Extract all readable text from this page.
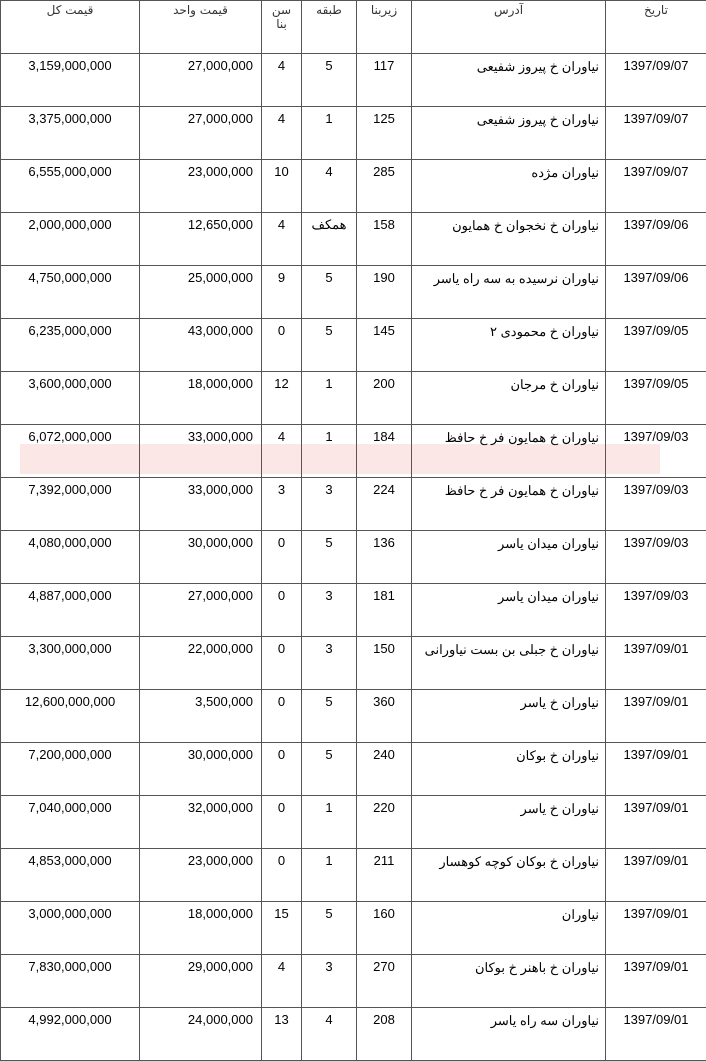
تاریخ	آدرس	زیربنا	طبقه	سن بنا	قیمت واحد	قیمت کل
1397/09/07	نیاوران خ پیروز شفیعی	117	5	4	27,000,000	3,159,000,000
1397/09/07	نیاوران خ پیروز شفیعی	125	1	4	27,000,000	3,375,000,000
1397/09/07	نیاوران مژده	285	4	10	23,000,000	6,555,000,000
1397/09/06	نیاوران خ نخجوان خ همایون	158	همکف	4	12,650,000	2,000,000,000
1397/09/06	نیاوران نرسیده به سه راه یاسر	190	5	9	25,000,000	4,750,000,000
1397/09/05	نیاوران خ محمودی ۲	145	5	0	43,000,000	6,235,000,000
1397/09/05	نیاوران خ مرجان	200	1	12	18,000,000	3,600,000,000
1397/09/03	نیاوران خ همایون فر خ حافظ	184	1	4	33,000,000	6,072,000,000
1397/09/03	نیاوران خ همایون فر خ حافظ	224	3	3	33,000,000	7,392,000,000
1397/09/03	نیاوران میدان یاسر	136	5	0	30,000,000	4,080,000,000
1397/09/03	نیاوران میدان یاسر	181	3	0	27,000,000	4,887,000,000
1397/09/01	نیاوران خ جبلی بن بست نیاورانی	150	3	0	22,000,000	3,300,000,000
1397/09/01	نیاوران خ یاسر	360	5	0	3,500,000	12,600,000,000
1397/09/01	نیاوران خ بوکان	240	5	0	30,000,000	7,200,000,000
1397/09/01	نیاوران خ یاسر	220	1	0	32,000,000	7,040,000,000
1397/09/01	نیاوران خ بوکان کوچه کوهسار	211	1	0	23,000,000	4,853,000,000
1397/09/01	نیاوران	160	5	15	18,000,000	3,000,000,000
1397/09/01	نیاوران خ باهنر خ بوکان	270	3	4	29,000,000	7,830,000,000
1397/09/01	نیاوران سه راه یاسر	208	4	13	24,000,000	4,992,000,000
